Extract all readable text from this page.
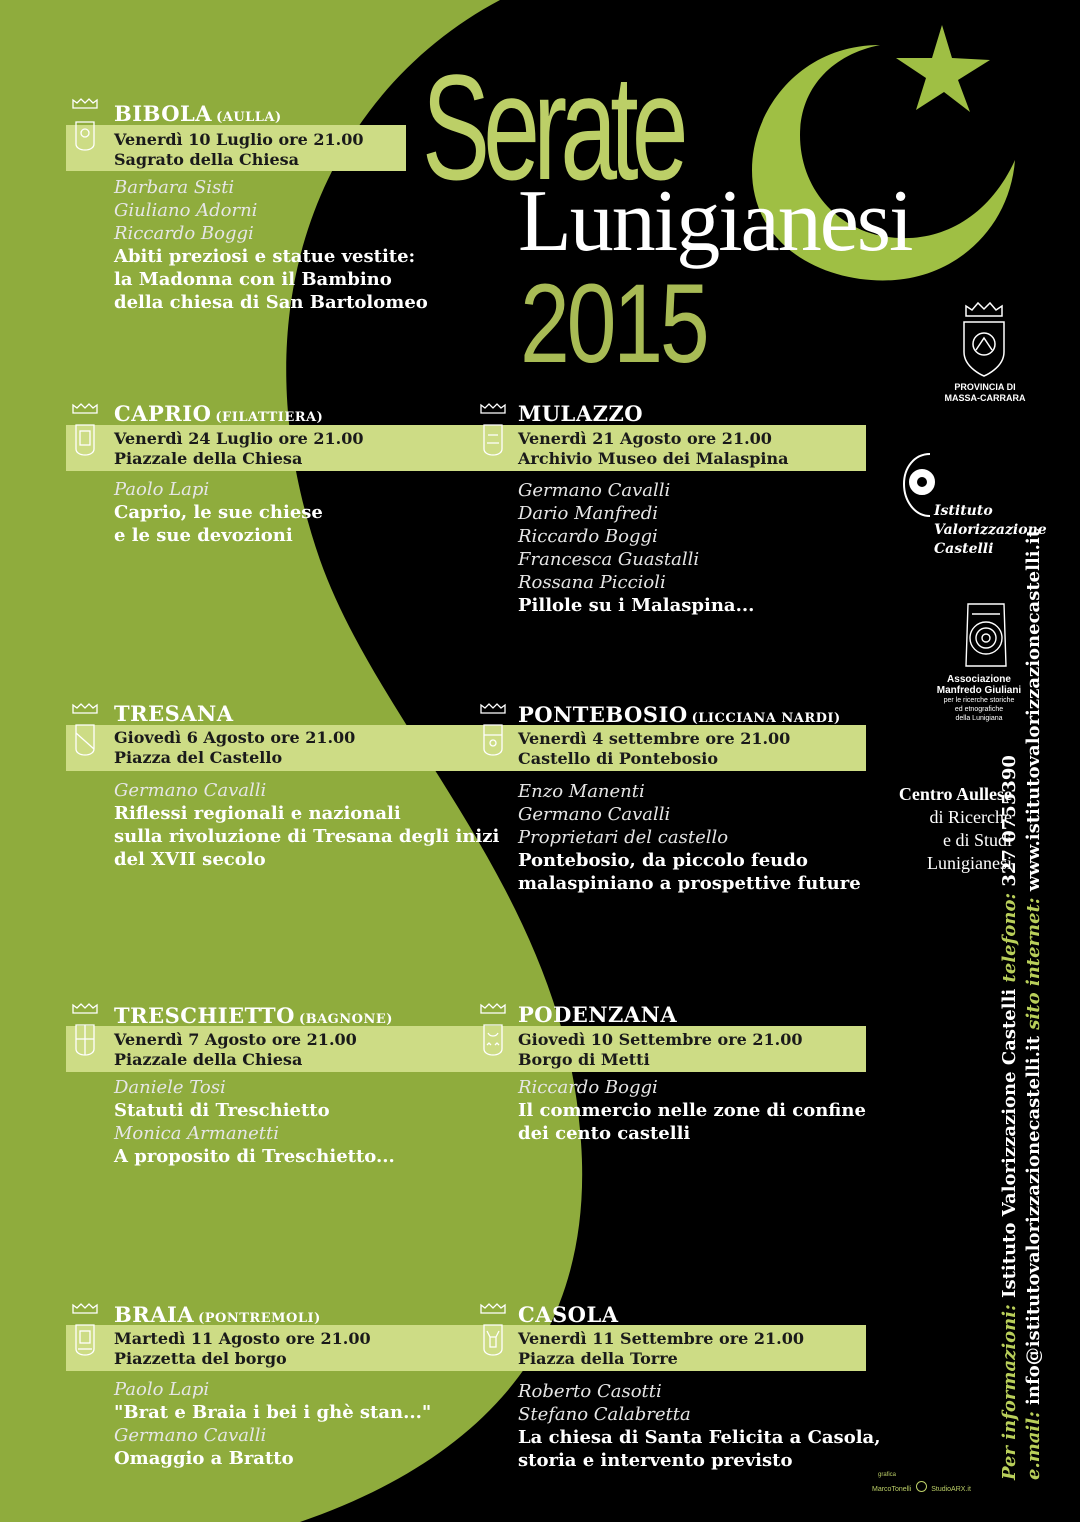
Serate
Lunigianesi
2015
BIBOLA (AULLA)
Venerdì 10 Luglio ore 21.00
Sagrato della Chiesa
Barbara Sisti
Giuliano Adorni
Riccardo Boggi
Abiti preziosi e statue vestite:
la Madonna con il Bambino
della chiesa di San Bartolomeo
CAPRIO (FILATTIERA)
Venerdì 24 Luglio ore 21.00
Piazzale della Chiesa
Paolo Lapi
Caprio, le sue chiese
e le sue devozioni
MULAZZO
Venerdì 21 Agosto ore 21.00
Archivio Museo dei Malaspina
Germano Cavalli
Dario Manfredi
Riccardo Boggi
Francesca Guastalli
Rossana Piccioli
Pillole su i Malaspina...
TRESANA
Giovedì 6 Agosto ore 21.00
Piazza del Castello
Germano Cavalli
Riflessi regionali e nazionali
sulla rivoluzione di Tresana degli inizi
del XVII secolo
PONTEBOSIO (LICCIANA NARDI)
Venerdì 4 settembre ore 21.00
Castello di Pontebosio
Enzo Manenti
Germano Cavalli
Proprietari del castello
Pontebosio, da piccolo feudo
malaspiniano a prospettive future
TRESCHIETTO (BAGNONE)
Venerdì 7 Agosto ore 21.00
Piazzale della Chiesa
Daniele Tosi
Statuti di Treschietto
Monica Armanetti
A proposito di Treschietto...
PODENZANA
Giovedì 10 Settembre ore 21.00
Borgo di Metti
Riccardo Boggi
Il commercio nelle zone di confine
dei cento castelli
BRAIA (PONTREMOLI)
Martedì 11 Agosto ore 21.00
Piazzetta del borgo
Paolo Lapi
"Brat e Braia i bei i ghè stan..."
Germano Cavalli
Omaggio a Bratto
CASOLA
Venerdì 11 Settembre ore 21.00
Piazza della Torre
Roberto Casotti
Stefano Calabretta
La chiesa di Santa Felicita a Casola,
storia e intervento previsto
PROVINCIA DI
MASSA-CARRARA
Istituto
Valorizzazione
Castelli
Associazione
Manfredo Giuliani
per le ricerche storiche
ed etnografiche
della Lunigiana
Centro Aullese
di Ricerche
e di Studi
Lunigianesi
Per informazioni: Istituto Valorizzazione Castelli telefono: 327 0755390
e.mail: info@istitutovalorizzazionecastelli.it sito internet: www.istitutovalorizzazionecastelli.it
grafica
MarcoTonelli	StudioARX.it
